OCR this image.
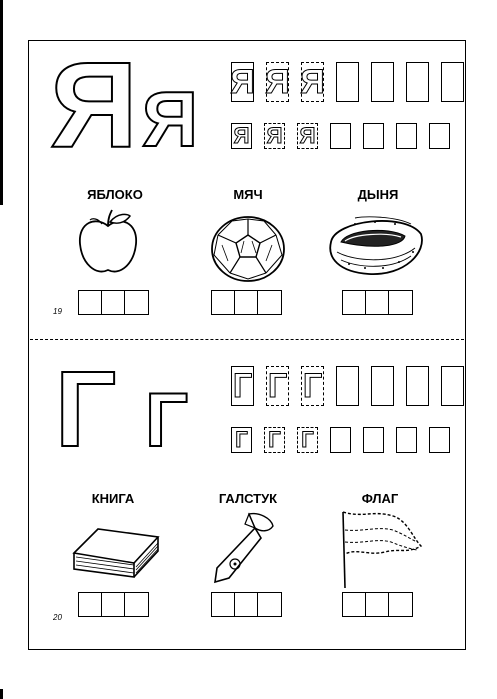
Я Я Я Я Я
Я Я Я
ЯБЛОКО	МЯЧ	ДЫНЯ
19
Г Г Г Г Г
Г Г Г
КНИГА	ГАЛСТУК	ФЛАГ
20
